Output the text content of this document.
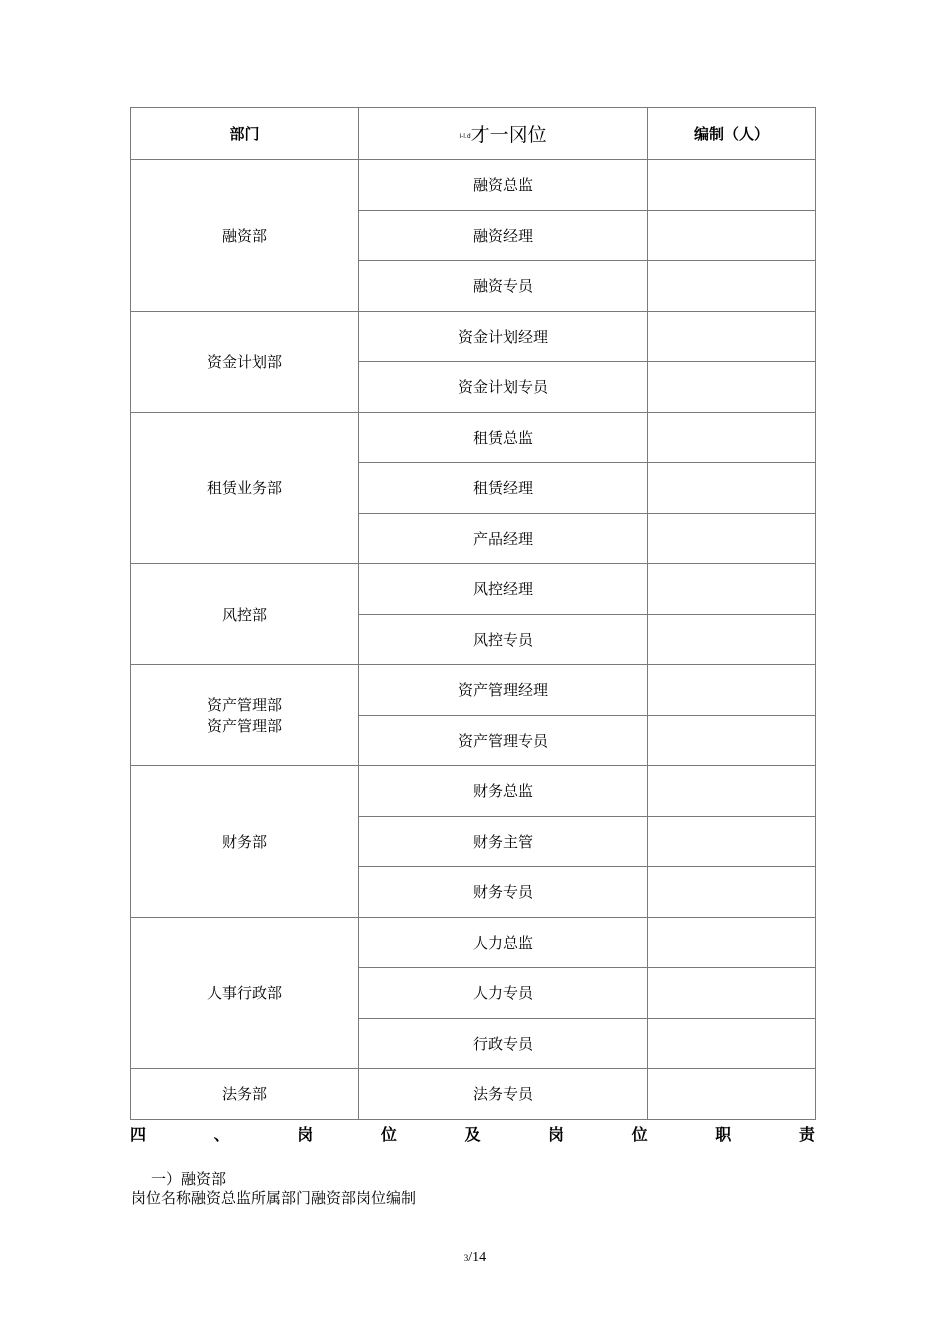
部门	I-l.d才一冈位	编制（人）
融资部	融资总监	
	融资经理	
	融资专员	
资金计划部	资金计划经理	
	资金计划专员	
租赁业务部	租赁总监	
	租赁经理	
	产品经理	
风控部	风控经理	
	风控专员	

资产管理部
资产管理部	资产管理经理	
	资产管理专员	
财务部	财务总监	
	财务主管	
	财务专员	
人事行政部	人力总监	
	人力专员	
	行政专员	
法务部	法务专员	
四	、	岗	位	及	岗	位	职	责
一）融资部
岗位名称融资总监所属部门融资部岗位编制
3/14
